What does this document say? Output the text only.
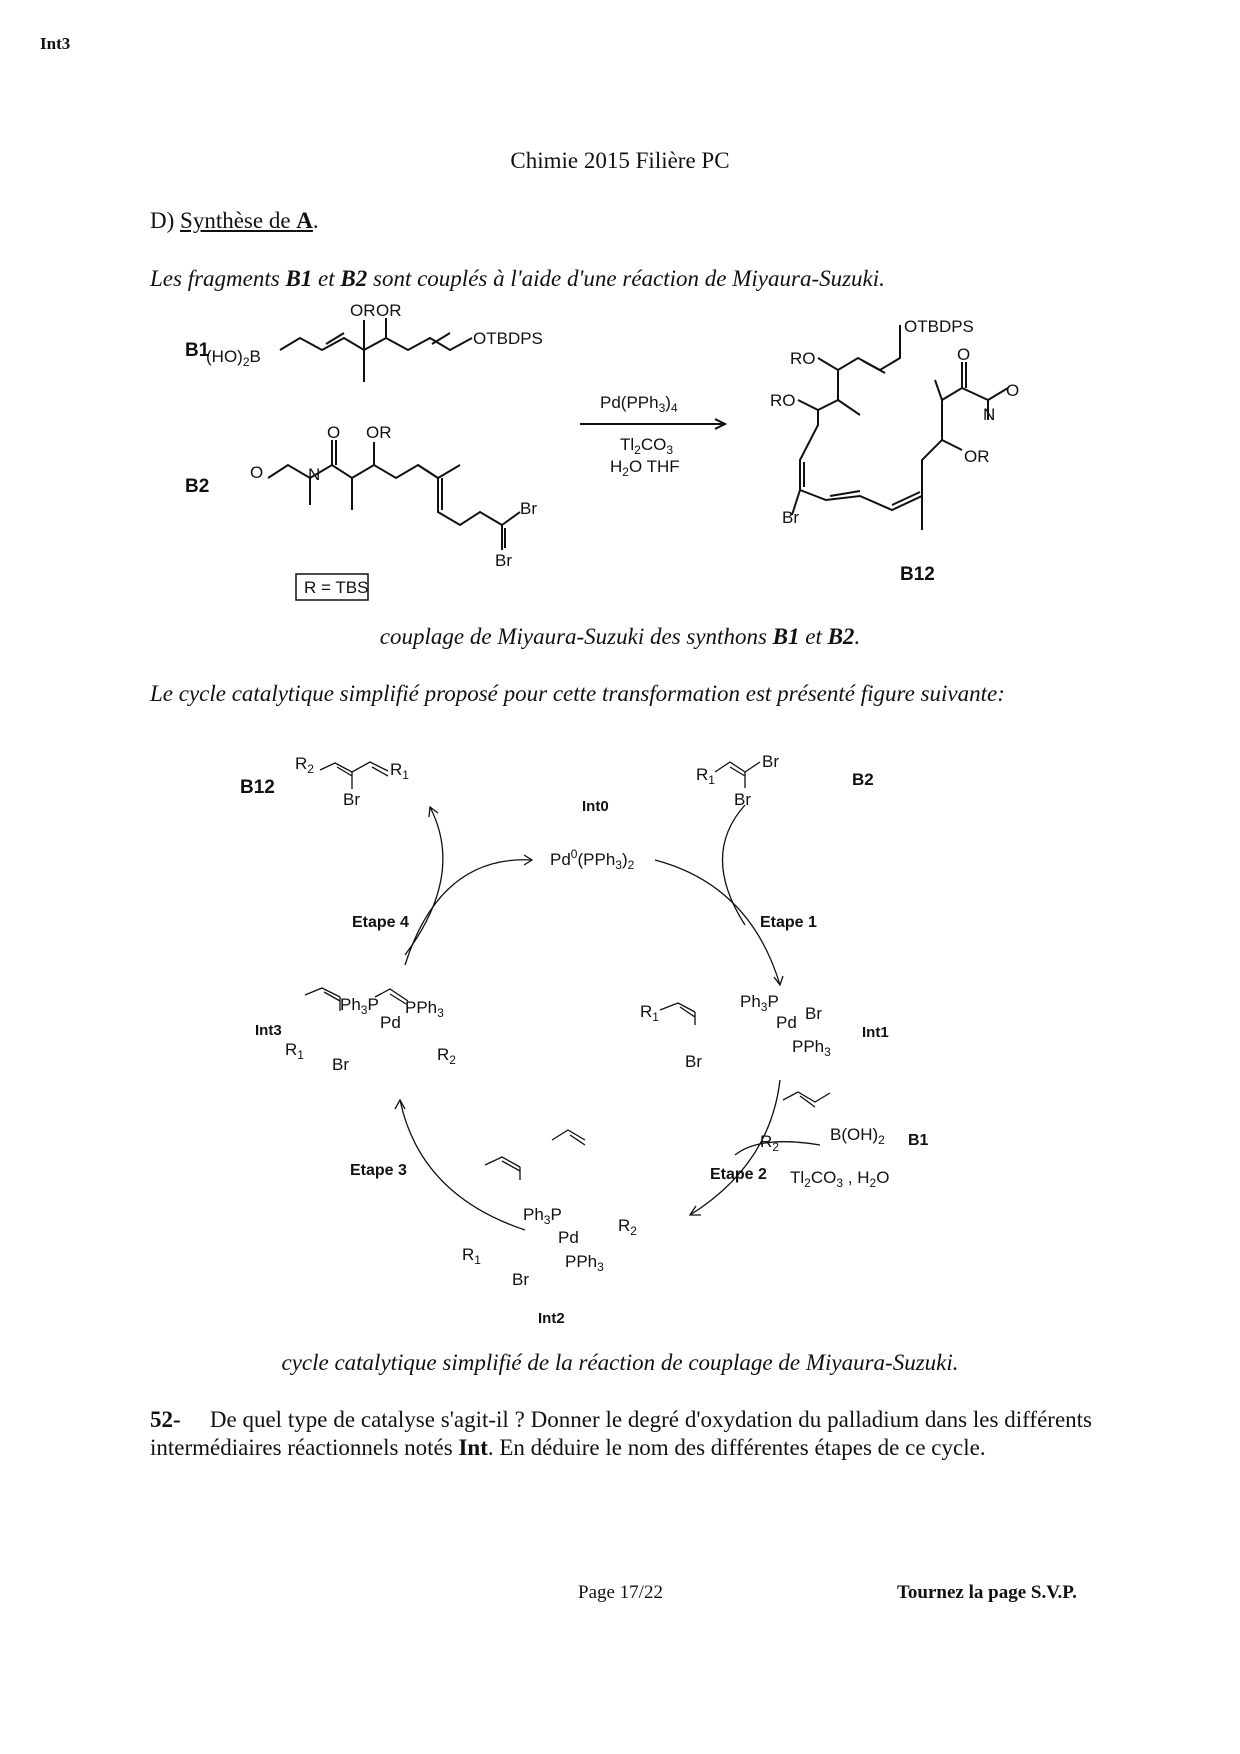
Int3
Chimie 2015 Filière PC
D) Synthèse de A.
Les fragments B1 et B2 sont couplés à l'aide d'une réaction de Miyaura-Suzuki.
B1
$(HO)_2B$
OR OR
OTBDPS
B2
O	N
O OR
Br
Br
R = TBS
$Pd(PPh_3)_4$
$Tl_2CO_3$
$H_2O$ THF
OTBDPS
RO
RO
O
N
O
OR
Br
B12
couplage de Miyaura-Suzuki des synthons B1 et B2.
Le cycle catalytique simplifié proposé pour cette transformation est présenté figure suivante:
B12
$R_2$	$R_1$
Br	Int0
$Pd^0(PPh_3)_2$
$R_1$
Br
Br
B2
Etape 4	Etape 1
$Ph_3P$
Br
Pd
$R_1$
PPh$_3$
Br
Int1
Int3
$Ph_3P$ PPh$_3$
Pd
$R_1$ Br
$R_2$
$R_2$
$B(OH)_2$ B1
Etape 2 $Tl_2CO_3$ , $H_2O$
Etape 3
$Ph_3P$
Pd
$R_2$
$R_1$	PPh$_3$
Br
Int2
cycle catalytique simplifié de la réaction de couplage de Miyaura-Suzuki.
52- De quel type de catalyse s'agit-il ? Donner le degré d'oxydation du palladium dans les différents intermédiaires réactionnels notés Int. En déduire le nom des différentes étapes de ce cycle.
Page 17/22	Tournez la page S.V.P.
